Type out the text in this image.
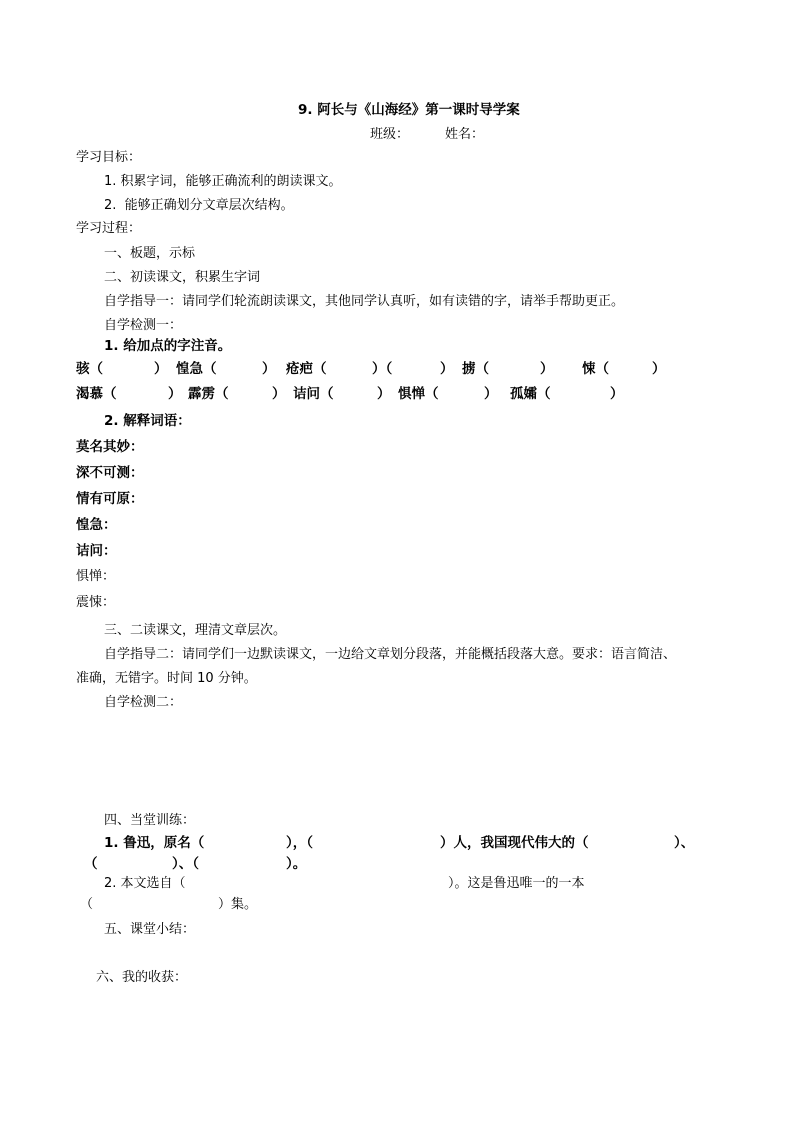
9. 阿长与《山海经》第一课时导学案
班级：	姓名：
学习目标：
1. 积累字词，能够正确流利的朗读课文。
2.  能够正确划分文章层次结构。
学习过程：
一、板题，示标
二、初读课文，积累生字词
自学指导一：请同学们轮流朗读课文，其他同学认真听，如有读错的字，请举手帮助更正。
自学检测一：
1. 给加点的字注音。
骇（	） 惶急（	） 疮疤（	）（	） 掳（	） 悚（	）
渴慕（	） 霹雳（	） 诘问（	） 惧惮（	） 孤孀（	）
2. 解释词语：
莫名其妙：
深不可测：
情有可原：
惶急：
诘问：
惧惮：
震悚：
三、二读课文，理清文章层次。
自学指导二：请同学们一边默读课文，一边给文章划分段落，并能概括段落大意。要求：语言简洁、
准确，无错字。时间 10 分钟。
自学检测二：
四、当堂训练：
1. 鲁迅，原名（	），（	）人，我国现代伟大的（	）、
（	）、（	）。
2. 本文选自（	）。这是鲁迅唯一的一本
（	）集。
五、课堂小结：
六、我的收获：
